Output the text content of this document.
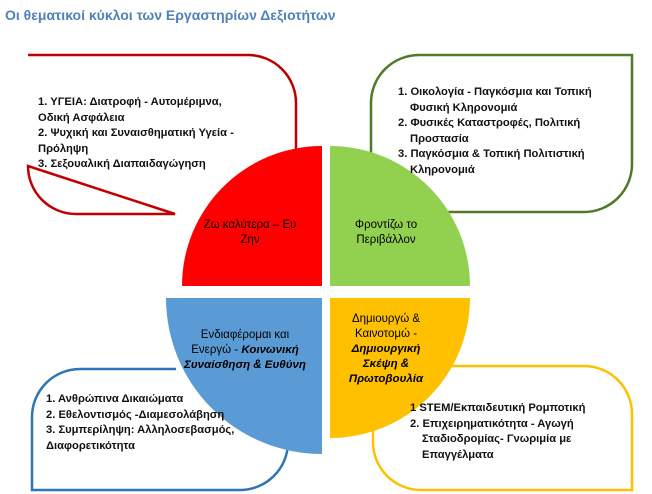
Οι θεματικοί κύκλοι των Εργαστηρίων Δεξιοτήτων
1. ΥΓΕΙΑ: Διατροφή - Αυτομέριμνα,
Οδική Ασφάλεια
2. Ψυχική και Συναισθηματική Υγεία -
Πρόληψη
3. Σεξουαλική Διαπαιδαγώγηση
1. Οικολογία - Παγκόσμια και Τοπική
Φυσική Κληρονομιά
2. Φυσικές Καταστροφές, Πολιτική
Προστασία
3. Παγκόσμια & Τοπική Πολιτιστική
Κληρονομιά
1. Ανθρώπινα Δικαιώματα
2. Εθελοντισμός -Διαμεσολάβηση
3. Συμπερίληψη: Αλληλοσεβασμός,
Διαφορετικότητα
1 STEM/Εκπαιδευτική Ρομποτική
2. Επιχειρηματικότητα - Αγωγή
Σταδιοδρομίας- Γνωριμία με
Επαγγέλματα
Ζω καλύτερα – Ευ
Ζην
Φροντίζω το
Περιβάλλον
Ενδιαφέρομαι και
Ενεργώ - Κοινωνική
Συναίσθηση & Ευθύνη
Δημιουργώ &
Καινοτομώ -
Δημιουργική
Σκέψη &
Πρωτοβουλία
